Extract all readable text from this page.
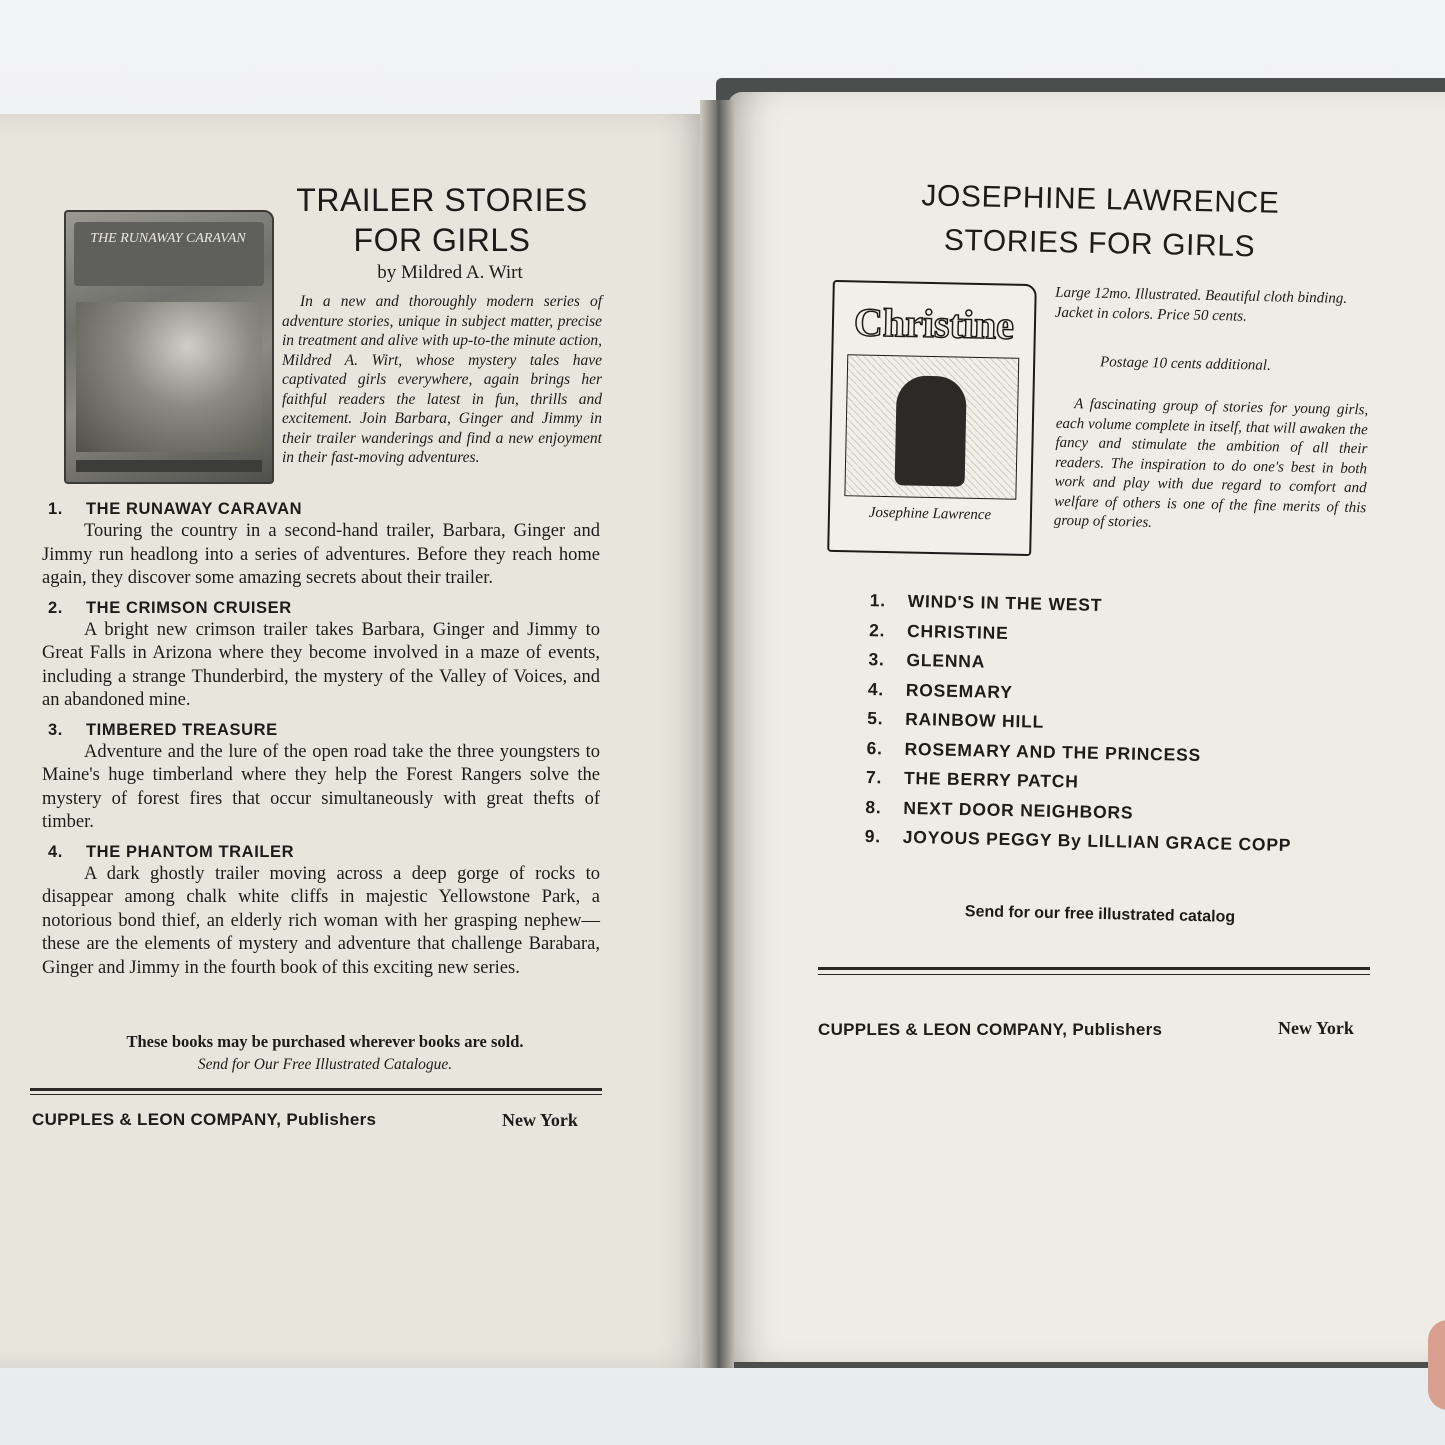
TRAILER STORIES
FOR GIRLS
by Mildred A. Wirt
THE RUNAWAY CARAVAN
In a new and thoroughly modern series of adventure stories, unique in subject matter, precise in treatment and alive with up-to-the minute action, Mildred A. Wirt, whose mystery tales have captivated girls everywhere, again brings her faithful readers the latest in fun, thrills and excitement. Join Barbara, Ginger and Jimmy in their trailer wanderings and find a new enjoyment in their fast-moving adventures.
1. THE RUNAWAY CARAVAN
Touring the country in a second-hand trailer, Barbara, Ginger and Jimmy run headlong into a series of adventures. Before they reach home again, they discover some amazing secrets about their trailer.
2. THE CRIMSON CRUISER
A bright new crimson trailer takes Barbara, Ginger and Jimmy to Great Falls in Arizona where they become involved in a maze of events, including a strange Thunderbird, the mystery of the Valley of Voices, and an abandoned mine.
3. TIMBERED TREASURE
Adventure and the lure of the open road take the three youngsters to Maine's huge timberland where they help the Forest Rangers solve the mystery of forest fires that occur simultaneously with great thefts of timber.
4. THE PHANTOM TRAILER
A dark ghostly trailer moving across a deep gorge of rocks to disappear among chalk white cliffs in majestic Yellowstone Park, a notorious bond thief, an elderly rich woman with her grasping nephew—these are the elements of mystery and adventure that challenge Barabara, Ginger and Jimmy in the fourth book of this exciting new series.
These books may be purchased wherever books are sold.
Send for Our Free Illustrated Catalogue.
CUPPLES & LEON COMPANY, Publishers	New York
JOSEPHINE LAWRENCE
STORIES FOR GIRLS
Christine
Josephine Lawrence
Large 12mo. Illustrated. Beautiful cloth binding. Jacket in colors. Price 50 cents.
Postage 10 cents additional.
A fascinating group of stories for young girls, each volume complete in itself, that will awaken the fancy and stimulate the ambition of all their readers. The inspiration to do one's best in both work and play with due regard to comfort and welfare of others is one of the fine merits of this group of stories.
1. WIND'S IN THE WEST
2. CHRISTINE
3. GLENNA
4. ROSEMARY
5. RAINBOW HILL
6. ROSEMARY AND THE PRINCESS
7. THE BERRY PATCH
8. NEXT DOOR NEIGHBORS
9. JOYOUS PEGGY By LILLIAN GRACE COPP
Send for our free illustrated catalog
CUPPLES & LEON COMPANY, Publishers	New York
